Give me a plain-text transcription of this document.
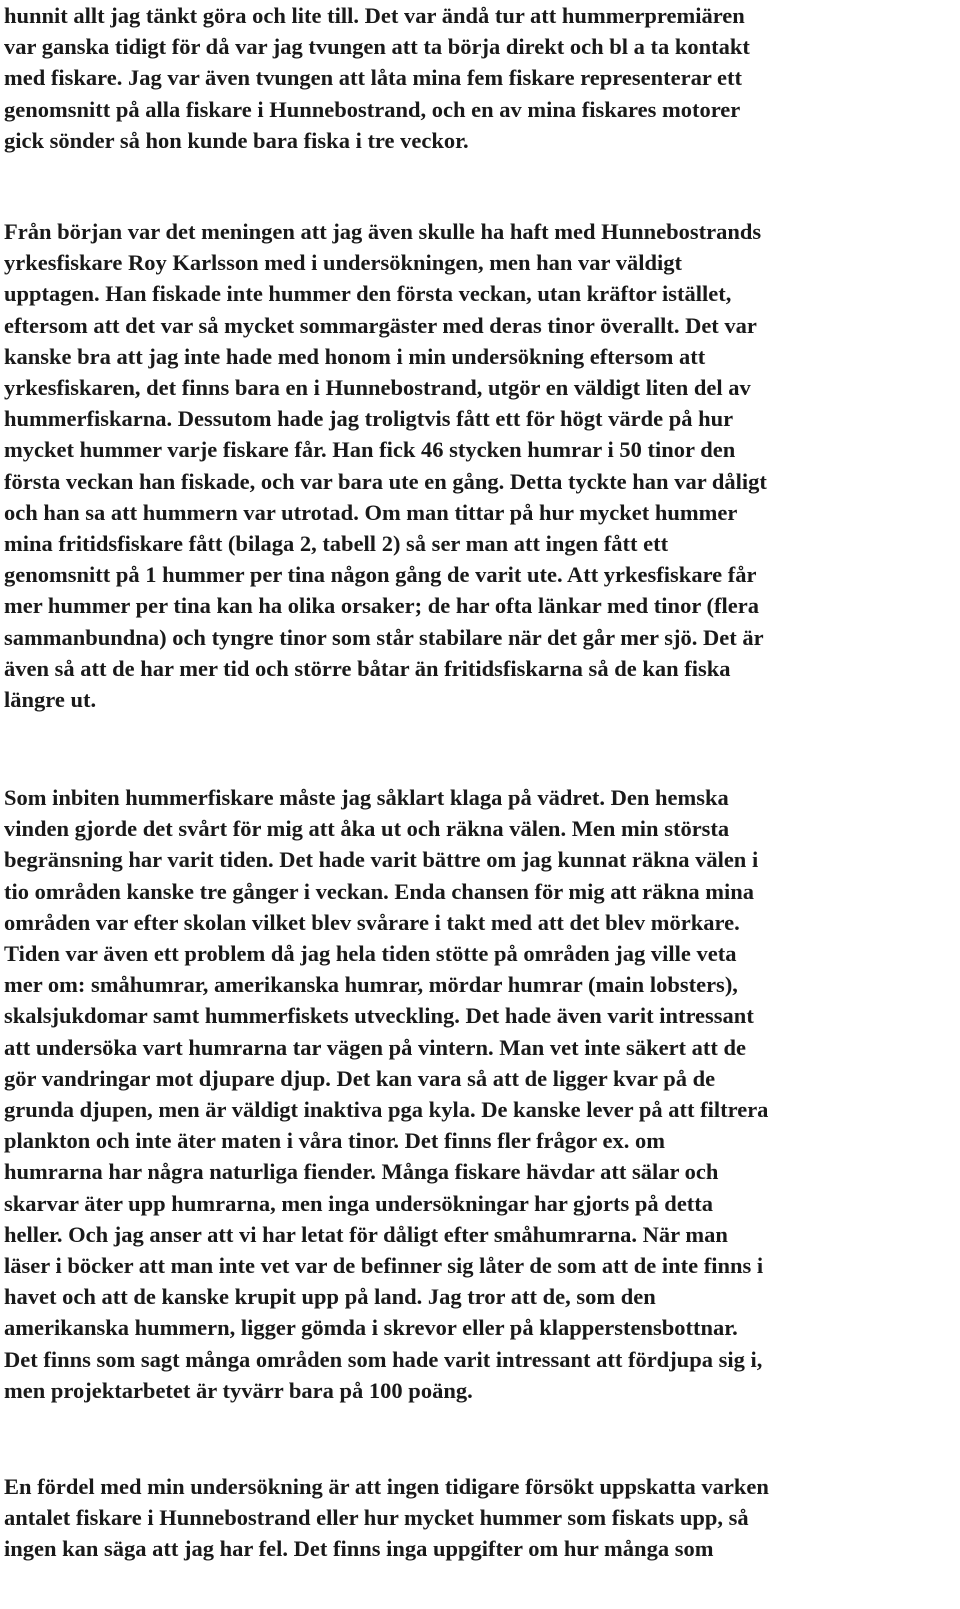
hunnit allt jag tänkt göra och lite till. Det var ändå tur att hummerpremiären
var ganska tidigt för då var jag tvungen att ta börja direkt och bl a ta kontakt
med fiskare. Jag var även tvungen att låta mina fem fiskare representerar ett
genomsnitt på alla fiskare i Hunnebostrand, och en av mina fiskares motorer
gick sönder så hon kunde bara fiska i tre veckor.
Från början var det meningen att jag även skulle ha haft med Hunnebostrands
yrkesfiskare Roy Karlsson med i undersökningen, men han var väldigt
upptagen. Han fiskade inte hummer den första veckan, utan kräftor istället,
eftersom att det var så mycket sommargäster med deras tinor överallt. Det var
kanske bra att jag inte hade med honom i min undersökning eftersom att
yrkesfiskaren, det finns bara en i Hunnebostrand, utgör en väldigt liten del av
hummerfiskarna. Dessutom hade jag troligtvis fått ett för högt värde på hur
mycket hummer varje fiskare får. Han fick 46 stycken humrar i 50 tinor den
första veckan han fiskade, och var bara ute en gång. Detta tyckte han var dåligt
och han sa att hummern var utrotad. Om man tittar på hur mycket hummer
mina fritidsfiskare fått (bilaga 2, tabell 2) så ser man att ingen fått ett
genomsnitt på 1 hummer per tina någon gång de varit ute. Att yrkesfiskare får
mer hummer per tina kan ha olika orsaker; de har ofta länkar med tinor (flera
sammanbundna) och tyngre tinor som står stabilare när det går mer sjö. Det är
även så att de har mer tid och större båtar än fritidsfiskarna så de kan fiska
längre ut.
Som inbiten hummerfiskare måste jag såklart klaga på vädret. Den hemska
vinden gjorde det svårt för mig att åka ut och räkna välen. Men min största
begränsning har varit tiden. Det hade varit bättre om jag kunnat räkna välen i
tio områden kanske tre gånger i veckan. Enda chansen för mig att räkna mina
områden var efter skolan vilket blev svårare i takt med att det blev mörkare.
Tiden var även ett problem då jag hela tiden stötte på områden jag ville veta
mer om: småhumrar, amerikanska humrar, mördar humrar (main lobsters),
skalsjukdomar samt hummerfiskets utveckling. Det hade även varit intressant
att undersöka vart humrarna tar vägen på vintern. Man vet inte säkert att de
gör vandringar mot djupare djup. Det kan vara så att de ligger kvar på de
grunda djupen, men är väldigt inaktiva pga kyla. De kanske lever på att filtrera
plankton och inte äter maten i våra tinor. Det finns fler frågor ex. om
humrarna har några naturliga fiender. Många fiskare hävdar att sälar och
skarvar äter upp humrarna, men inga undersökningar har gjorts på detta
heller. Och jag anser att vi har letat för dåligt efter småhumrarna. När man
läser i böcker att man inte vet var de befinner sig låter de som att de inte finns i
havet och att de kanske krupit upp på land. Jag tror att de, som den
amerikanska hummern, ligger gömda i skrevor eller på klapperstensbottnar.
Det finns som sagt många områden som hade varit intressant att fördjupa sig i,
men projektarbetet är tyvärr bara på 100 poäng.
En fördel med min undersökning är att ingen tidigare försökt uppskatta varken
antalet fiskare i Hunnebostrand eller hur mycket hummer som fiskats upp, så
ingen kan säga att jag har fel. Det finns inga uppgifter om hur många som
